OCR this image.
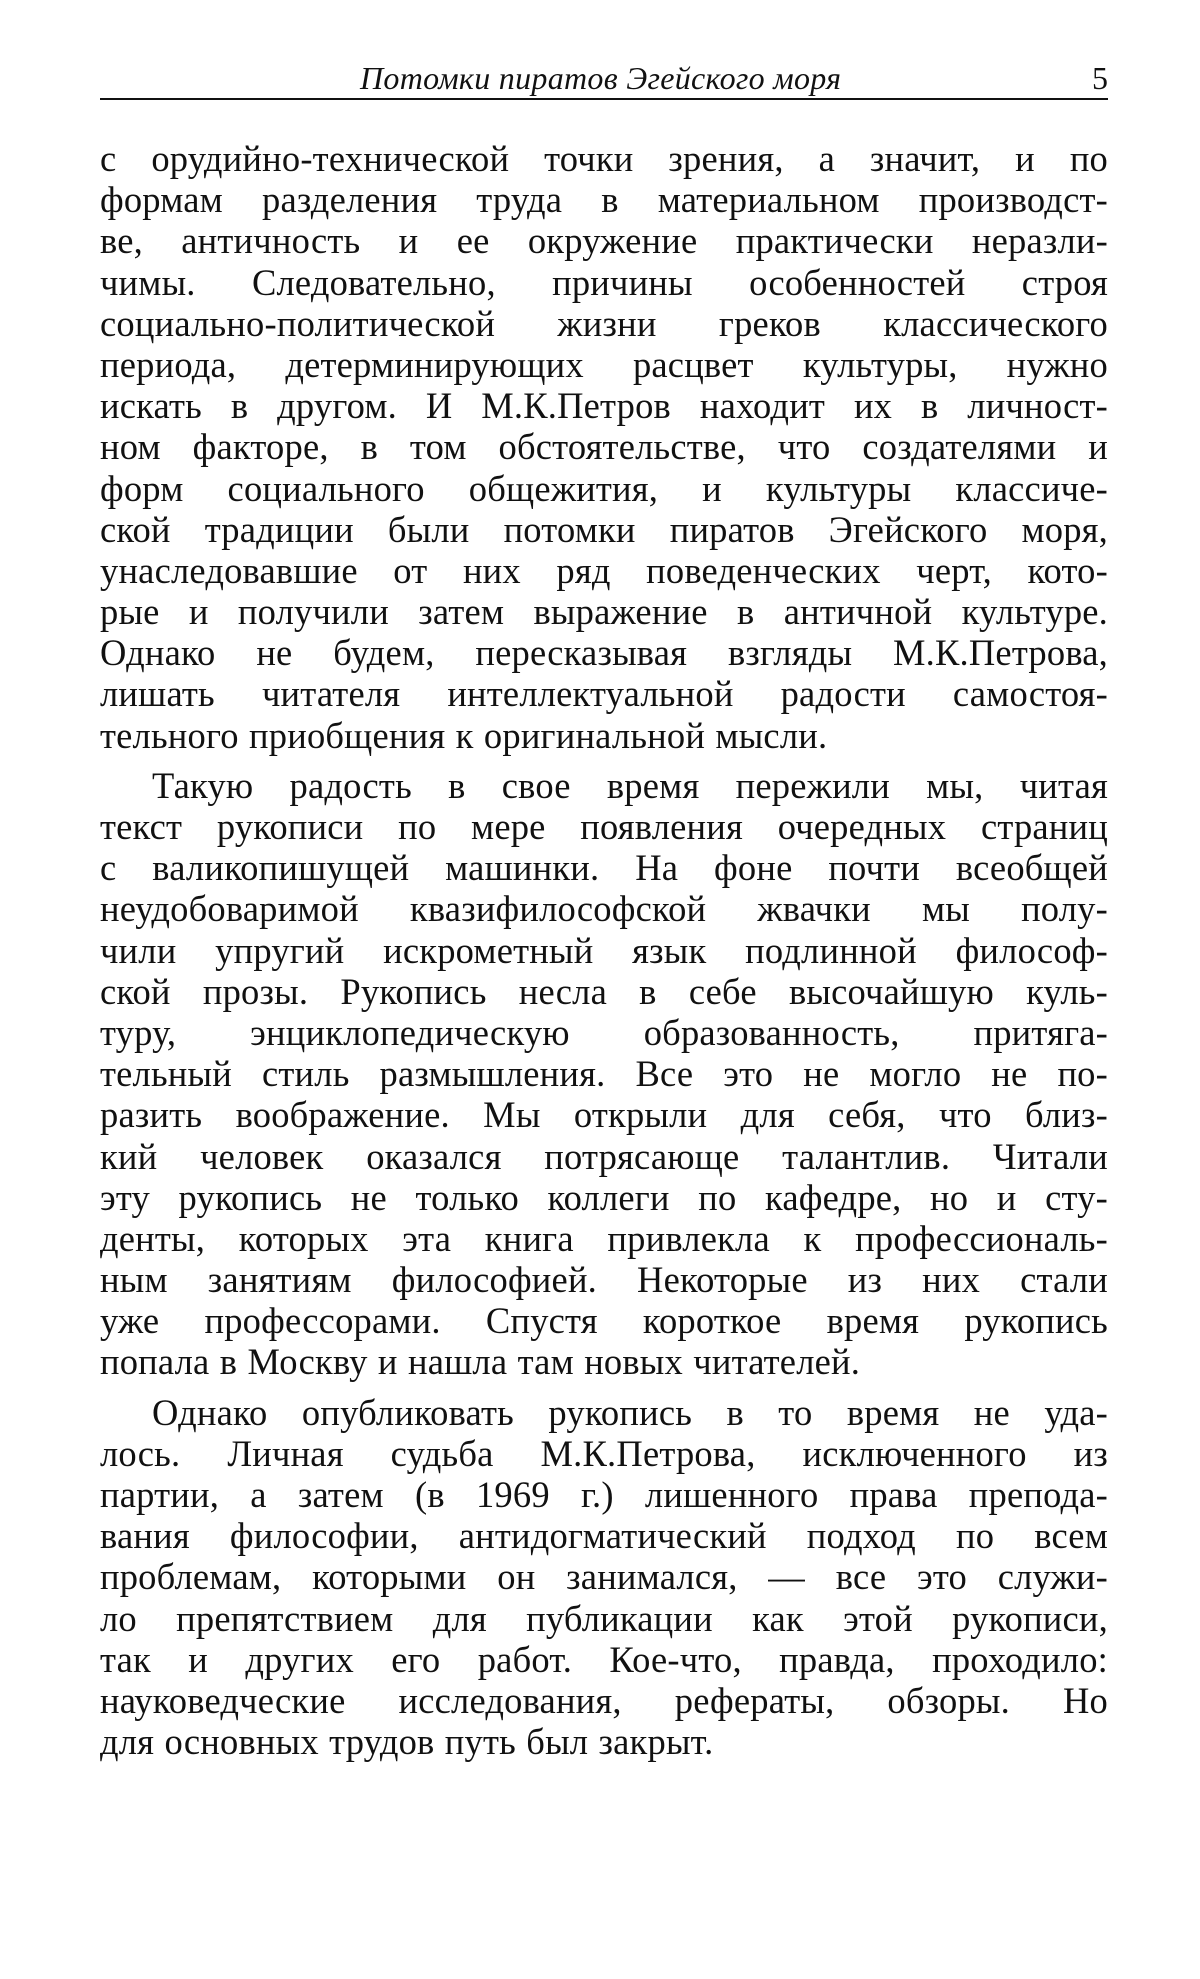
Потомки пиратов Эгейского моря	5
с орудийно-технической точки зрения, а значит, и по
формам разделения труда в материальном производст-
ве, античность и ее окружение практически неразли-
чимы. Следовательно, причины особенностей строя
социально-политической жизни греков классического
периода, детерминирующих расцвет культуры, нужно
искать в другом. И М.К.Петров находит их в личност-
ном факторе, в том обстоятельстве, что создателями и
форм социального общежития, и культуры классиче-
ской традиции были потомки пиратов Эгейского моря,
унаследовавшие от них ряд поведенческих черт, кото-
рые и получили затем выражение в античной культуре.
Однако не будем, пересказывая взгляды М.К.Петрова,
лишать читателя интеллектуальной радости самостоя-
тельного приобщения к оригинальной мысли.
Такую радость в свое время пережили мы, читая
текст рукописи по мере появления очередных страниц
с валикопишущей машинки. На фоне почти всеобщей
неудобоваримой квазифилософской жвачки мы полу-
чили упругий искрометный язык подлинной философ-
ской прозы. Рукопись несла в себе высочайшую куль-
туру, энциклопедическую образованность, притяга-
тельный стиль размышления. Все это не могло не по-
разить воображение. Мы открыли для себя, что близ-
кий человек оказался потрясающе талантлив. Читали
эту рукопись не только коллеги по кафедре, но и сту-
денты, которых эта книга привлекла к профессиональ-
ным занятиям философией. Некоторые из них стали
уже профессорами. Спустя короткое время рукопись
попала в Москву и нашла там новых читателей.
Однако опубликовать рукопись в то время не уда-
лось. Личная судьба М.К.Петрова, исключенного из
партии, а затем (в 1969 г.) лишенного права препода-
вания философии, антидогматический подход по всем
проблемам, которыми он занимался, — все это служи-
ло препятствием для публикации как этой рукописи,
так и других его работ. Кое-что, правда, проходило:
науковедческие исследования, рефераты, обзоры. Но
для основных трудов путь был закрыт.
